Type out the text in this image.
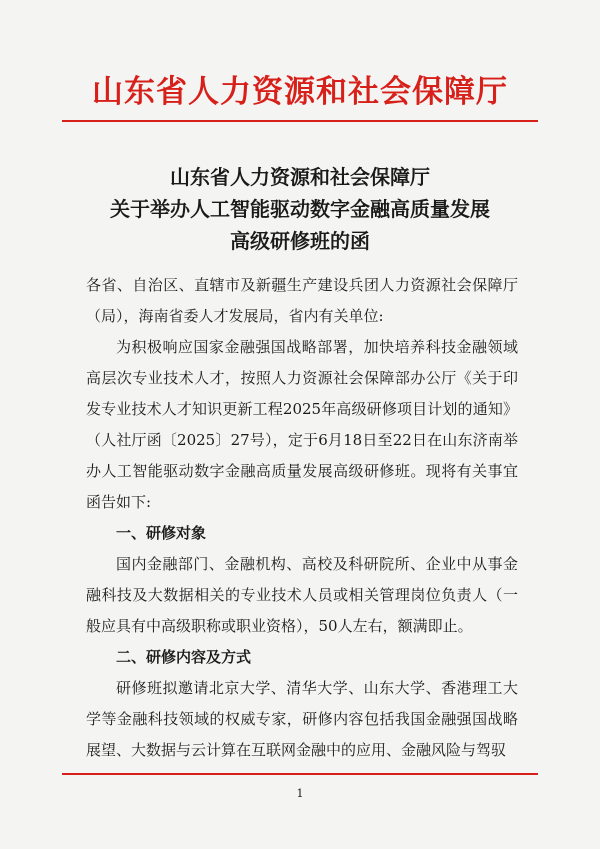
山东省人力资源和社会保障厅
山东省人力资源和社会保障厅
关于举办人工智能驱动数字金融高质量发展
高级研修班的函

各省、自治区、直辖市及新疆生产建设兵团人力资源社会保障厅（局），海南省委人才发展局，省内有关单位:

为积极响应国家金融强国战略部署，加快培养科技金融领域高层次专业技术人才，按照人力资源社会保障部办公厅《关于印发专业技术人才知识更新工程2025年高级研修项目计划的通知》（人社厅函〔2025〕27号），定于6月18日至22日在山东济南举办人工智能驱动数字金融高质量发展高级研修班。现将有关事宜函告如下:

一、研修对象

国内金融部门、金融机构、高校及科研院所、企业中从事金融科技及大数据相关的专业技术人员或相关管理岗位负责人（一般应具有中高级职称或职业资格），50人左右，额满即止。

二、研修内容及方式

研修班拟邀请北京大学、清华大学、山东大学、香港理工大学等金融科技领域的权威专家，研修内容包括我国金融强国战略展望、大数据与云计算在互联网金融中的应用、金融风险与驾驭

1
